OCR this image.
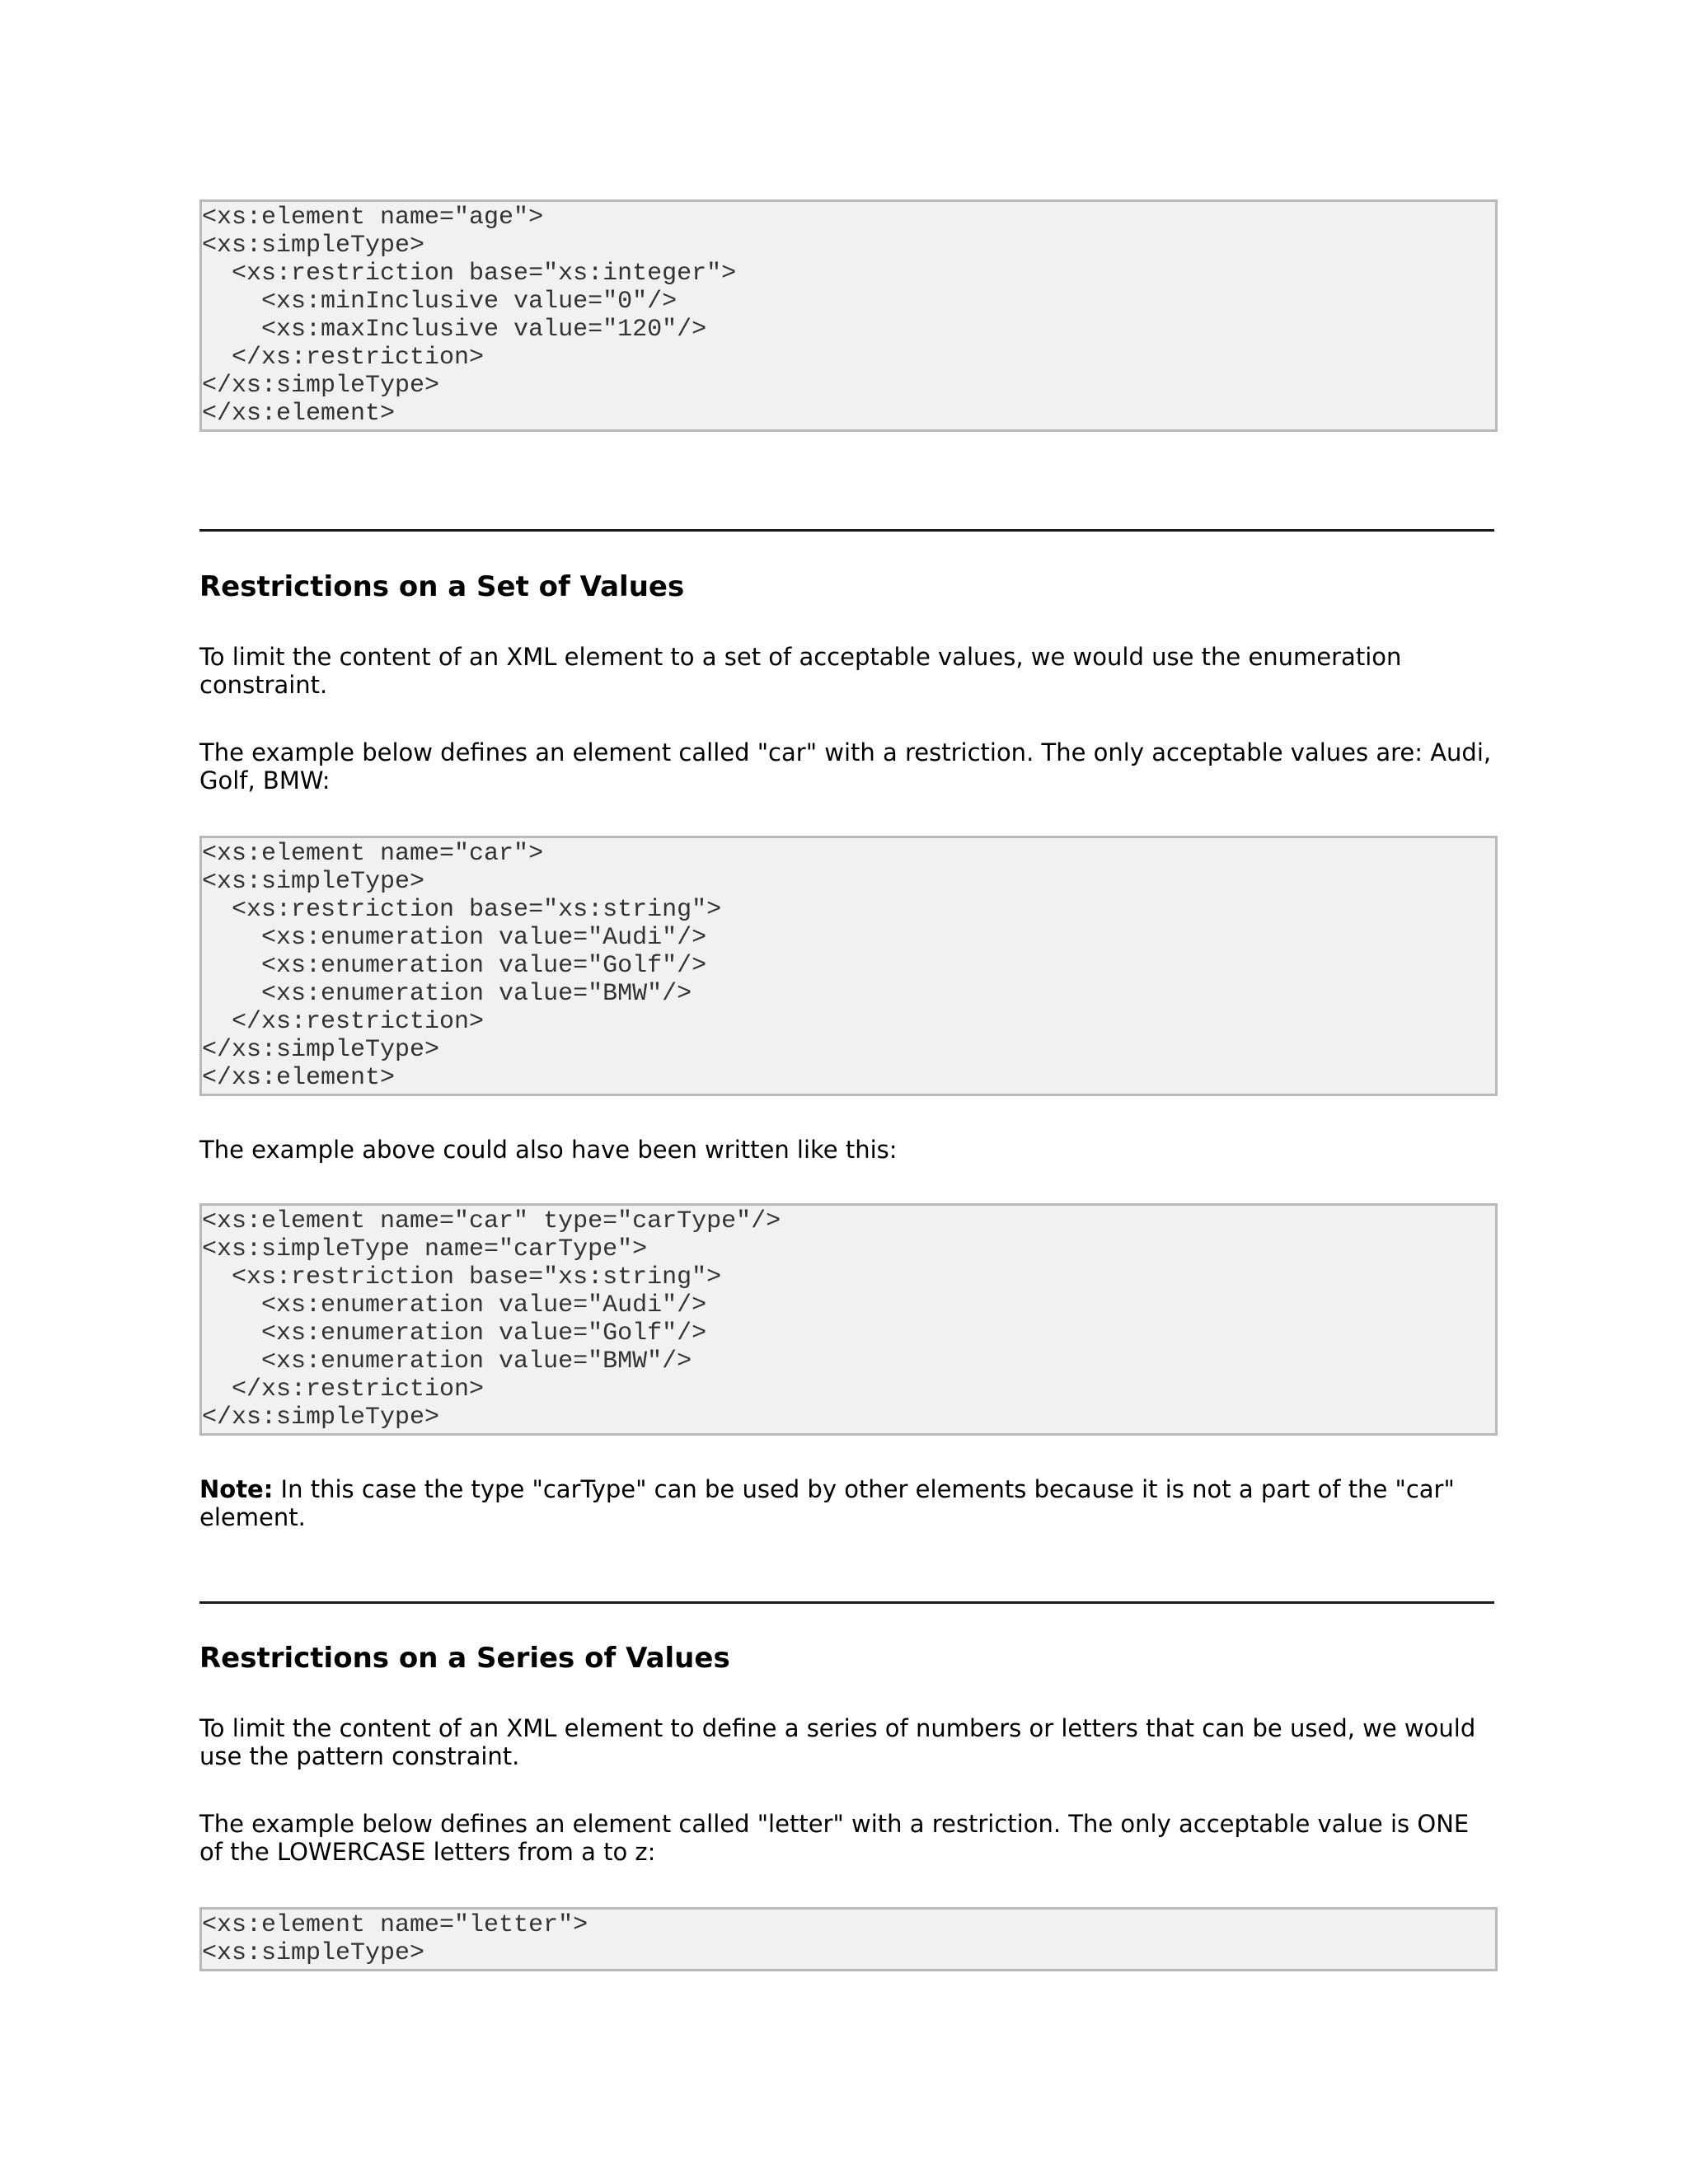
<xs:element name="age">
<xs:simpleType>
<xs:restriction base="xs:integer">
<xs:minInclusive value="0"/>
<xs:maxInclusive value="120"/>
</xs:restriction>
</xs:simpleType>
</xs:element>
Restrictions on a Set of Values

To limit the content of an XML element to a set of acceptable values, we would use the enumeration constraint.

The example below defines an element called "car" with a restriction. The only acceptable values are: Audi, Golf, BMW:

<xs:element name="car">
<xs:simpleType>
<xs:restriction base="xs:string">
<xs:enumeration value="Audi"/>
<xs:enumeration value="Golf"/>
<xs:enumeration value="BMW"/>
</xs:restriction>
</xs:simpleType>
</xs:element>

The example above could also have been written like this:

<xs:element name="car" type="carType"/>
<xs:simpleType name="carType">
<xs:restriction base="xs:string">
<xs:enumeration value="Audi"/>
<xs:enumeration value="Golf"/>
<xs:enumeration value="BMW"/>
</xs:restriction>
</xs:simpleType>

Note: In this case the type "carType" can be used by other elements because it is not a part of the "car" element.

Restrictions on a Series of Values

To limit the content of an XML element to define a series of numbers or letters that can be used, we would use the pattern constraint.

The example below defines an element called "letter" with a restriction. The only acceptable value is ONE of the LOWERCASE letters from a to z:

<xs:element name="letter">
<xs:simpleType>
